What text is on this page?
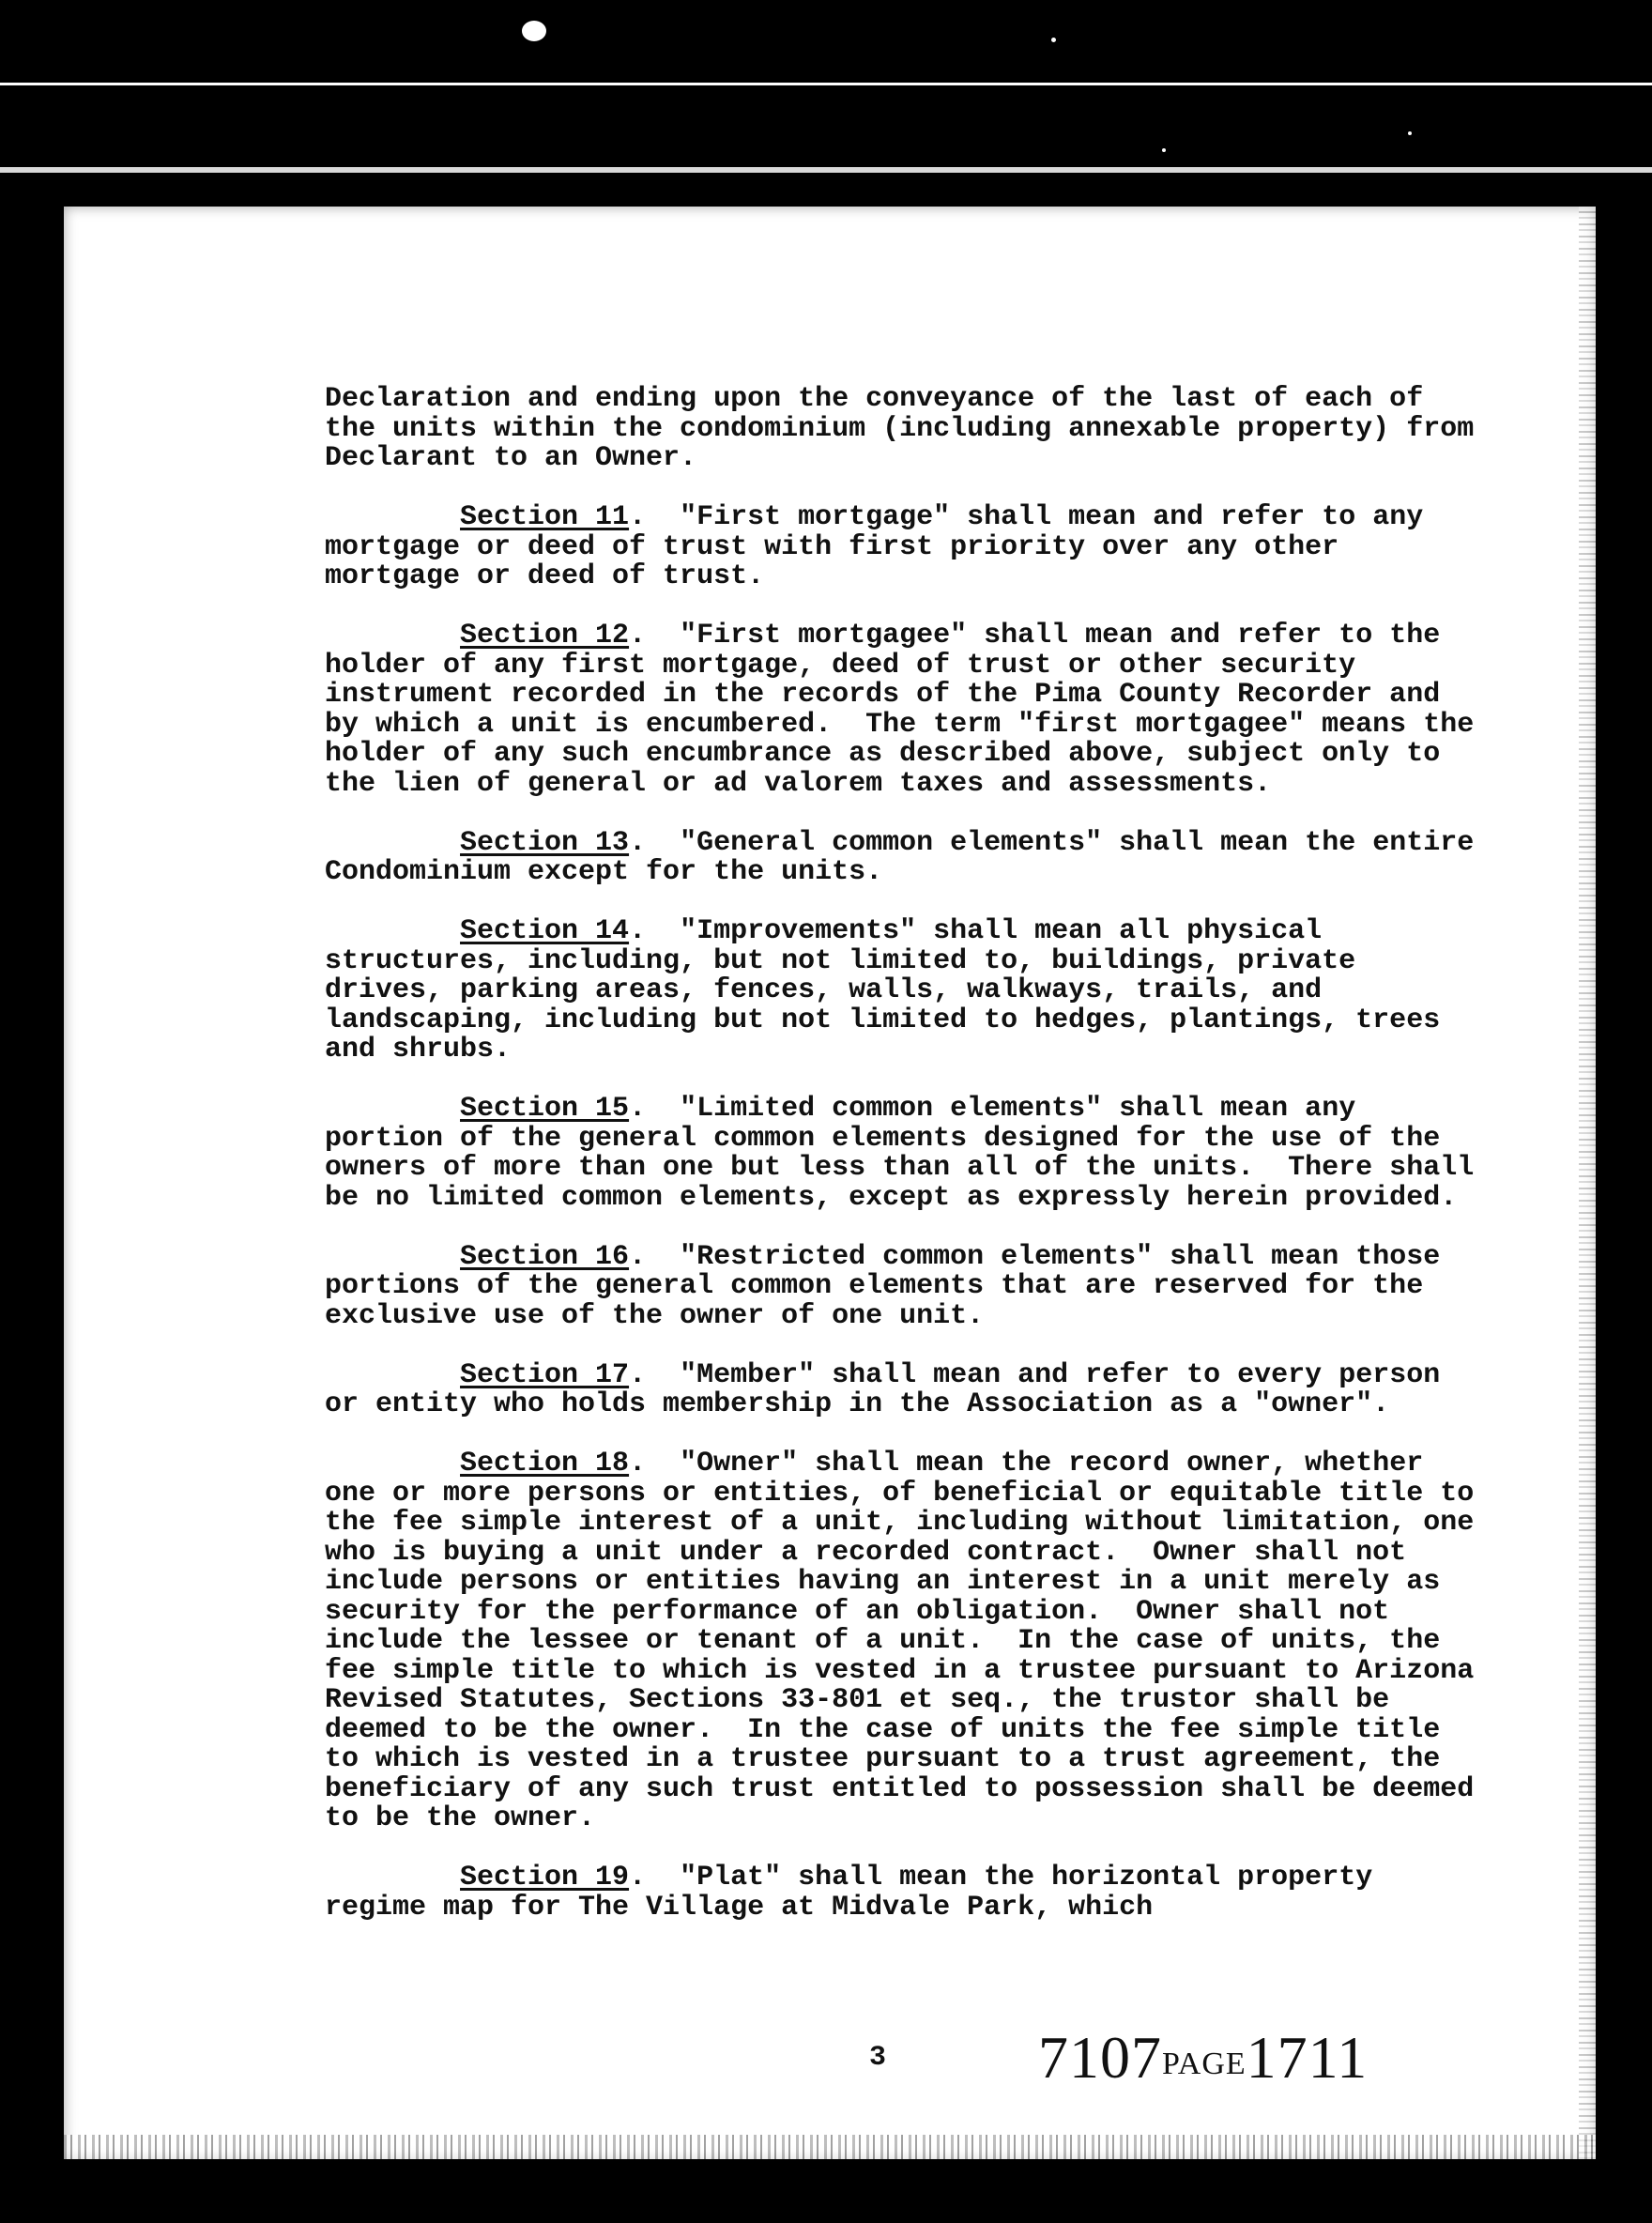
Declaration and ending upon the conveyance of the last of each of the units within the condominium (including annexable property) from Declarant to an Owner.

Section 11.  "First mortgage" shall mean and refer to any mortgage or deed of trust with first priority over any other mortgage or deed of trust.

Section 12.  "First mortgagee" shall mean and refer to the holder of any first mortgage, deed of trust or other security instrument recorded in the records of the Pima County Recorder and by which a unit is encumbered.  The term "first mortgagee" means the holder of any such encumbrance as described above, subject only to the lien of general or ad valorem taxes and assessments.

Section 13.  "General common elements" shall mean the entire Condominium except for the units.

Section 14.  "Improvements" shall mean all physical structures, including, but not limited to, buildings, private drives, parking areas, fences, walls, walkways, trails, and landscaping, including but not limited to hedges, plantings, trees and shrubs.

Section 15.  "Limited common elements" shall mean any portion of the general common elements designed for the use of the owners of more than one but less than all of the units.  There shall be no limited common elements, except as expressly herein provided.

Section 16.  "Restricted common elements" shall mean those portions of the general common elements that are reserved for the exclusive use of the owner of one unit.

Section 17.  "Member" shall mean and refer to every person or entity who holds membership in the Association as a "owner".

Section 18.  "Owner" shall mean the record owner, whether one or more persons or entities, of beneficial or equitable title to the fee simple interest of a unit, including without limitation, one who is buying a unit under a recorded contract.  Owner shall not include persons or entities having an interest in a unit merely as security for the performance of an obligation.  Owner shall not include the lessee or tenant of a unit.  In the case of units, the fee simple title to which is vested in a trustee pursuant to Arizona Revised Statutes, Sections 33-801 et seq., the trustor shall be deemed to be the owner.  In the case of units the fee simple title to which is vested in a trustee pursuant to a trust agreement, the beneficiary of any such trust entitled to possession shall be deemed to be the owner.

Section 19.  "Plat" shall mean the horizontal property regime map for The Village at Midvale Park, which

3	7107PAGE1711
